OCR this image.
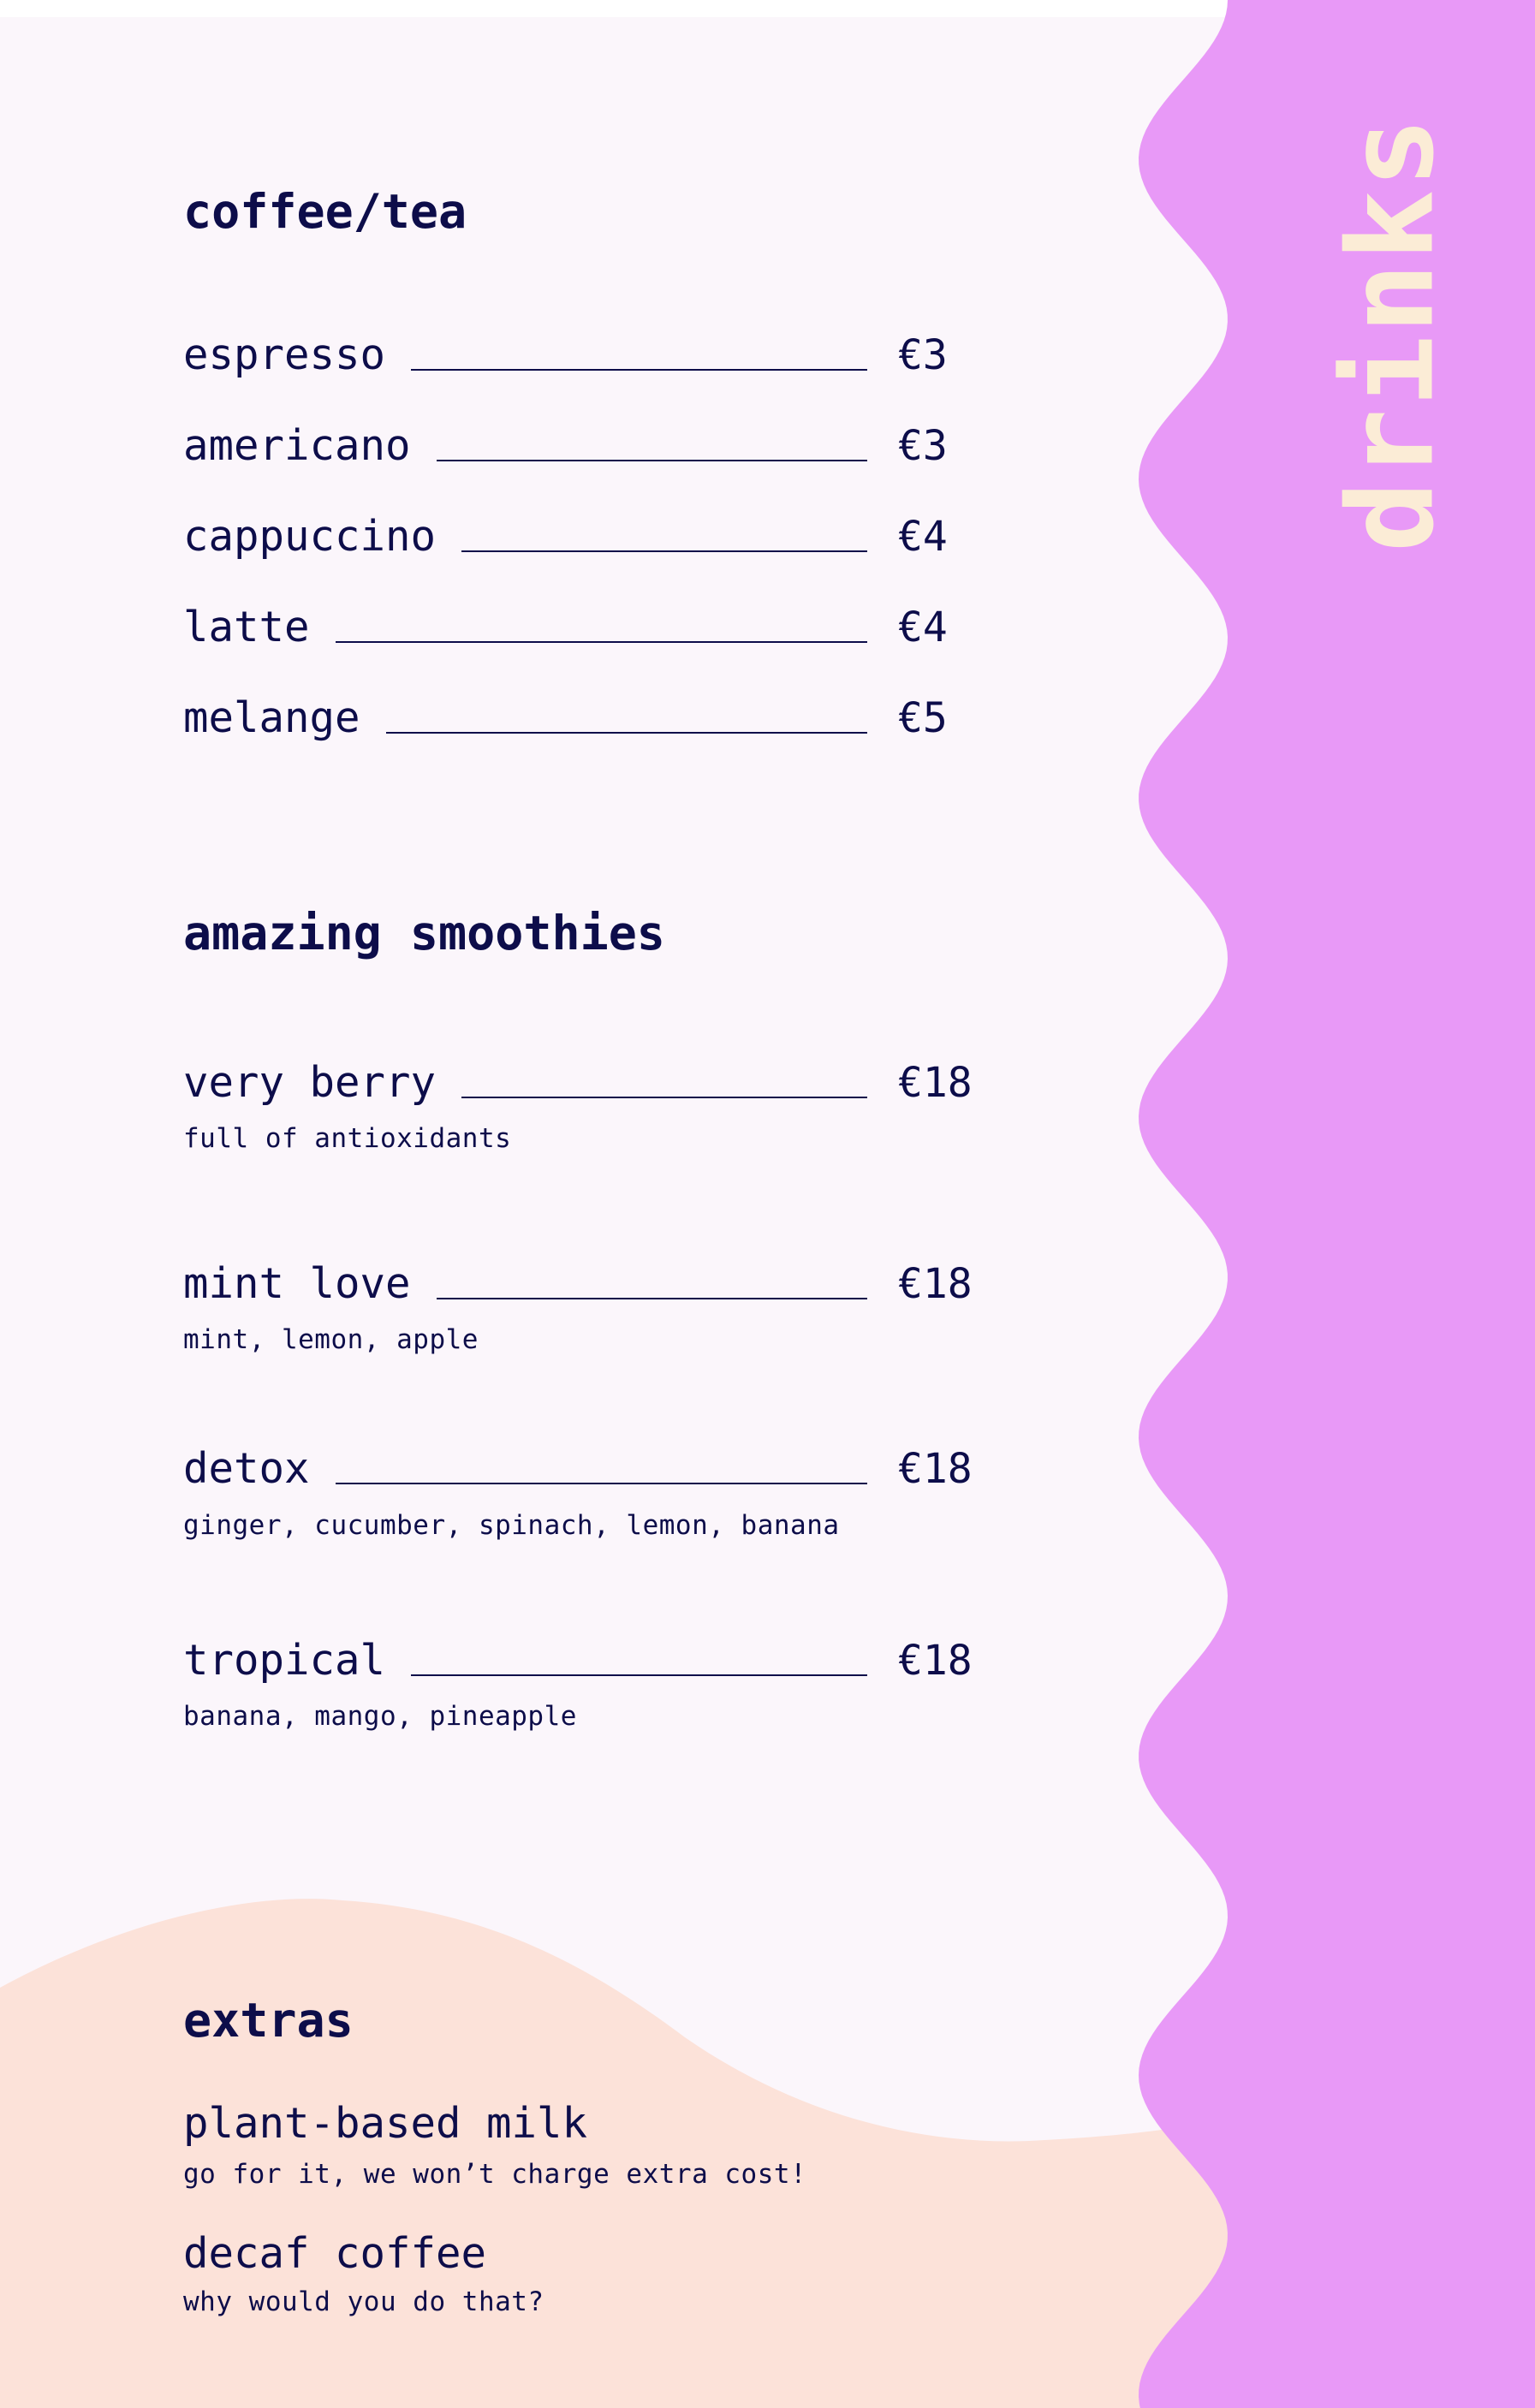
drinks
coffee/tea
espresso	€3
americano	€3
cappuccino	€4
latte	€4
melange	€5
amazing smoothies
very berry	€18
full of antioxidants
mint love	€18
mint, lemon, apple
detox	€18
ginger, cucumber, spinach, lemon, banana
tropical	€18
banana, mango, pineapple
extras
plant-based milk
go for it, we won’t charge extra cost!
decaf coffee
why would you do that?
